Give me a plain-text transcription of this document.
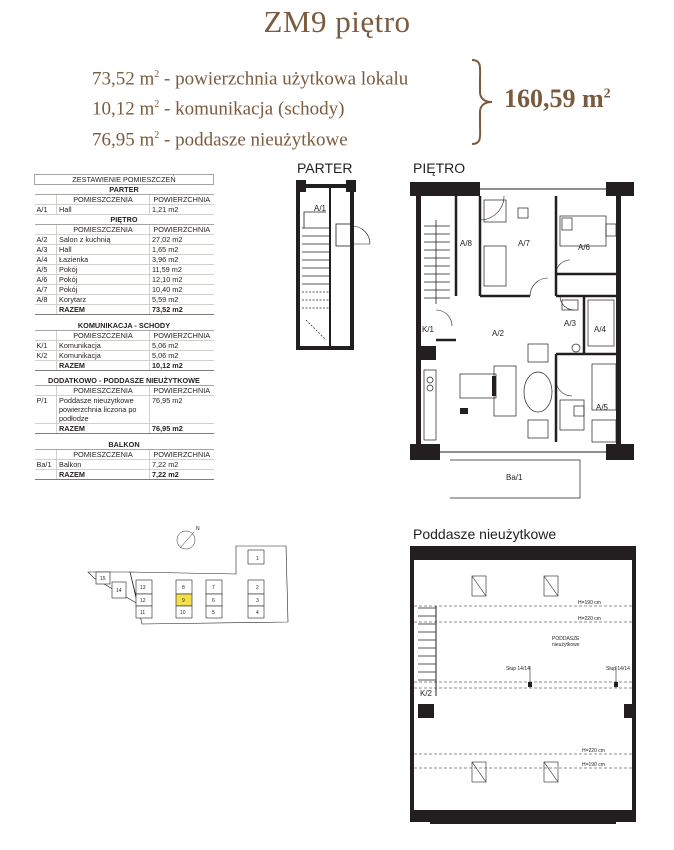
ZM9 piętro
73,52 $m^2$ - powierzchnia użytkowa lokalu
10,12 $m^2$ - komunikacja (schody)
76,95 $m^2$ - poddasze nieużytkowe
160,59 $m^2$
PARTER	PIĘTRO
Poddasze nieużytkowe
ZESTAWIENIE POMIESZCZEŃ		
PARTER		
	POMIESZCZENIA	POWIERZCHNIA
A/1	Hall	1,21 m2
PIĘTRO		
	POMIESZCZENIA	POWIERZCHNIA
A/2	Salon z kuchnią	27,02 m2
A/3	Hall	1,65 m2
A/4	Łazienka	3,96 m2
A/5	Pokój	11,59 m2
A/6	Pokój	12,10 m2
A/7	Pokój	10,40 m2
A/8	Korytarz	5,59 m2
	RAZEM	73,52 m2

KOMUNIKACJA - SCHODY		
	POMIESZCZENIA	POWIERZCHNIA
K/1	Komunikacja	5,06 m2
K/2	Komunikacja	5,06 m2
	RAZEM	10,12 m2

DODATKOWO - PODDASZE NIEUŻYTKOWE		
	POMIESZCZENIA	POWIERZCHNIA
P/1	Poddasze nieużytkowe powierzchnia liczona po podłodze	76,95 m2
	RAZEM	76,95 m2

BALKON		
	POMIESZCZENIA	POWIERZCHNIA
Ba/1	Balkon	7,22 m2
	RAZEM	7,22 m2
A/1
A/8	A/7	A/6
A/2
A/3
A/4
K/1
A/5
Ba/1
N
1
2
3
4
5
6
7
8
9
10
11
12
13
14
15
H=190 cm
H=220 cm
PODDASZE
nieużytkowe
Słup 14/14	Słup 14/14
H=220 cm
H=190 cm
K/2
